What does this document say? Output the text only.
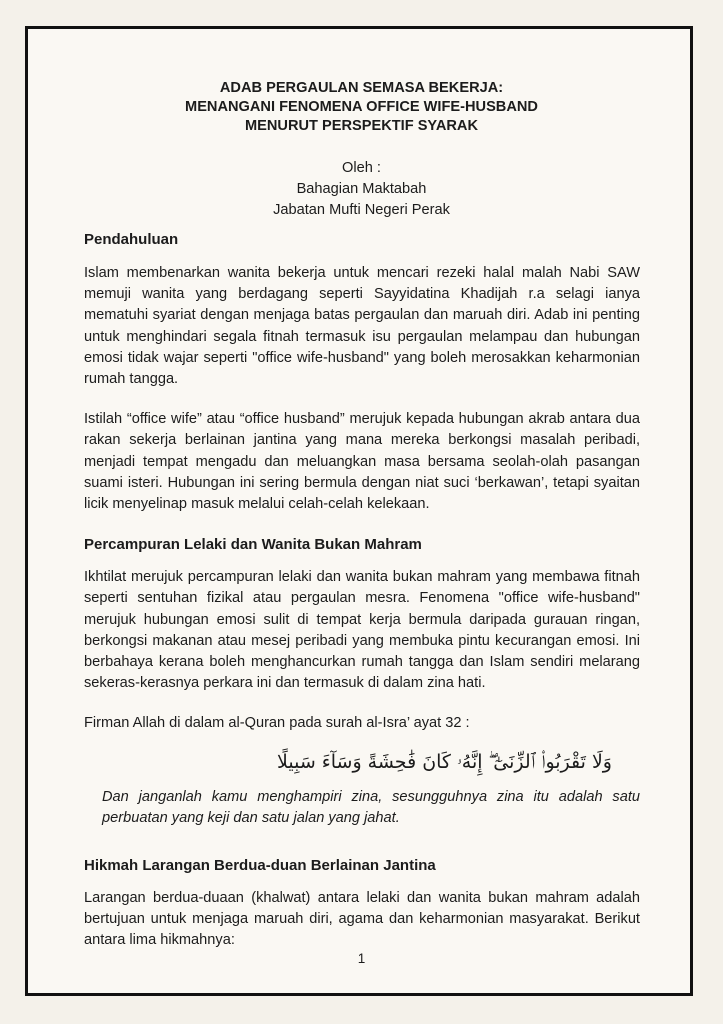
ADAB PERGAULAN SEMASA BEKERJA:
MENANGANI FENOMENA OFFICE WIFE-HUSBAND
MENURUT PERSPEKTIF SYARAK
Oleh :
Bahagian Maktabah
Jabatan Mufti Negeri Perak
Pendahuluan

Islam membenarkan wanita bekerja untuk mencari rezeki halal malah Nabi SAW memuji wanita yang berdagang seperti Sayyidatina Khadijah r.a selagi ianya mematuhi syariat dengan menjaga batas pergaulan dan maruah diri. Adab ini penting untuk menghindari segala fitnah termasuk isu pergaulan melampau dan hubungan emosi tidak wajar seperti "office wife-husband" yang boleh merosakkan keharmonian rumah tangga.

Istilah “office wife” atau “office husband” merujuk kepada hubungan akrab antara dua rakan sekerja berlainan jantina yang mana mereka berkongsi masalah peribadi, menjadi tempat mengadu dan meluangkan masa bersama seolah-olah pasangan suami isteri. Hubungan ini sering bermula dengan niat suci ‘berkawan’, tetapi syaitan licik menyelinap masuk melalui celah-celah kelekaan.

Percampuran Lelaki dan Wanita Bukan Mahram

Ikhtilat merujuk percampuran lelaki dan wanita bukan mahram yang membawa fitnah seperti sentuhan fizikal atau pergaulan mesra. Fenomena "office wife-husband" merujuk hubungan emosi sulit di tempat kerja bermula daripada gurauan ringan, berkongsi makanan atau mesej peribadi yang membuka pintu kecurangan emosi. Ini berbahaya kerana boleh menghancurkan rumah tangga dan Islam sendiri melarang sekeras-kerasnya perkara ini dan termasuk di dalam zina hati.

Firman Allah di dalam al-Quran pada surah al-Isra’ ayat 32 :

وَلَا تَقْرَبُوا۟ ٱلزِّنَىٰٓ ۖ إِنَّهُۥ كَانَ فَٰحِشَةً وَسَآءَ سَبِيلًا

Dan janganlah kamu menghampiri zina, sesungguhnya zina itu adalah satu perbuatan yang keji dan satu jalan yang jahat.

Hikmah Larangan Berdua-duan Berlainan Jantina

Larangan berdua-duaan (khalwat) antara lelaki dan wanita bukan mahram adalah bertujuan untuk menjaga maruah diri, agama dan keharmonian masyarakat. Berikut antara lima hikmahnya:

1
